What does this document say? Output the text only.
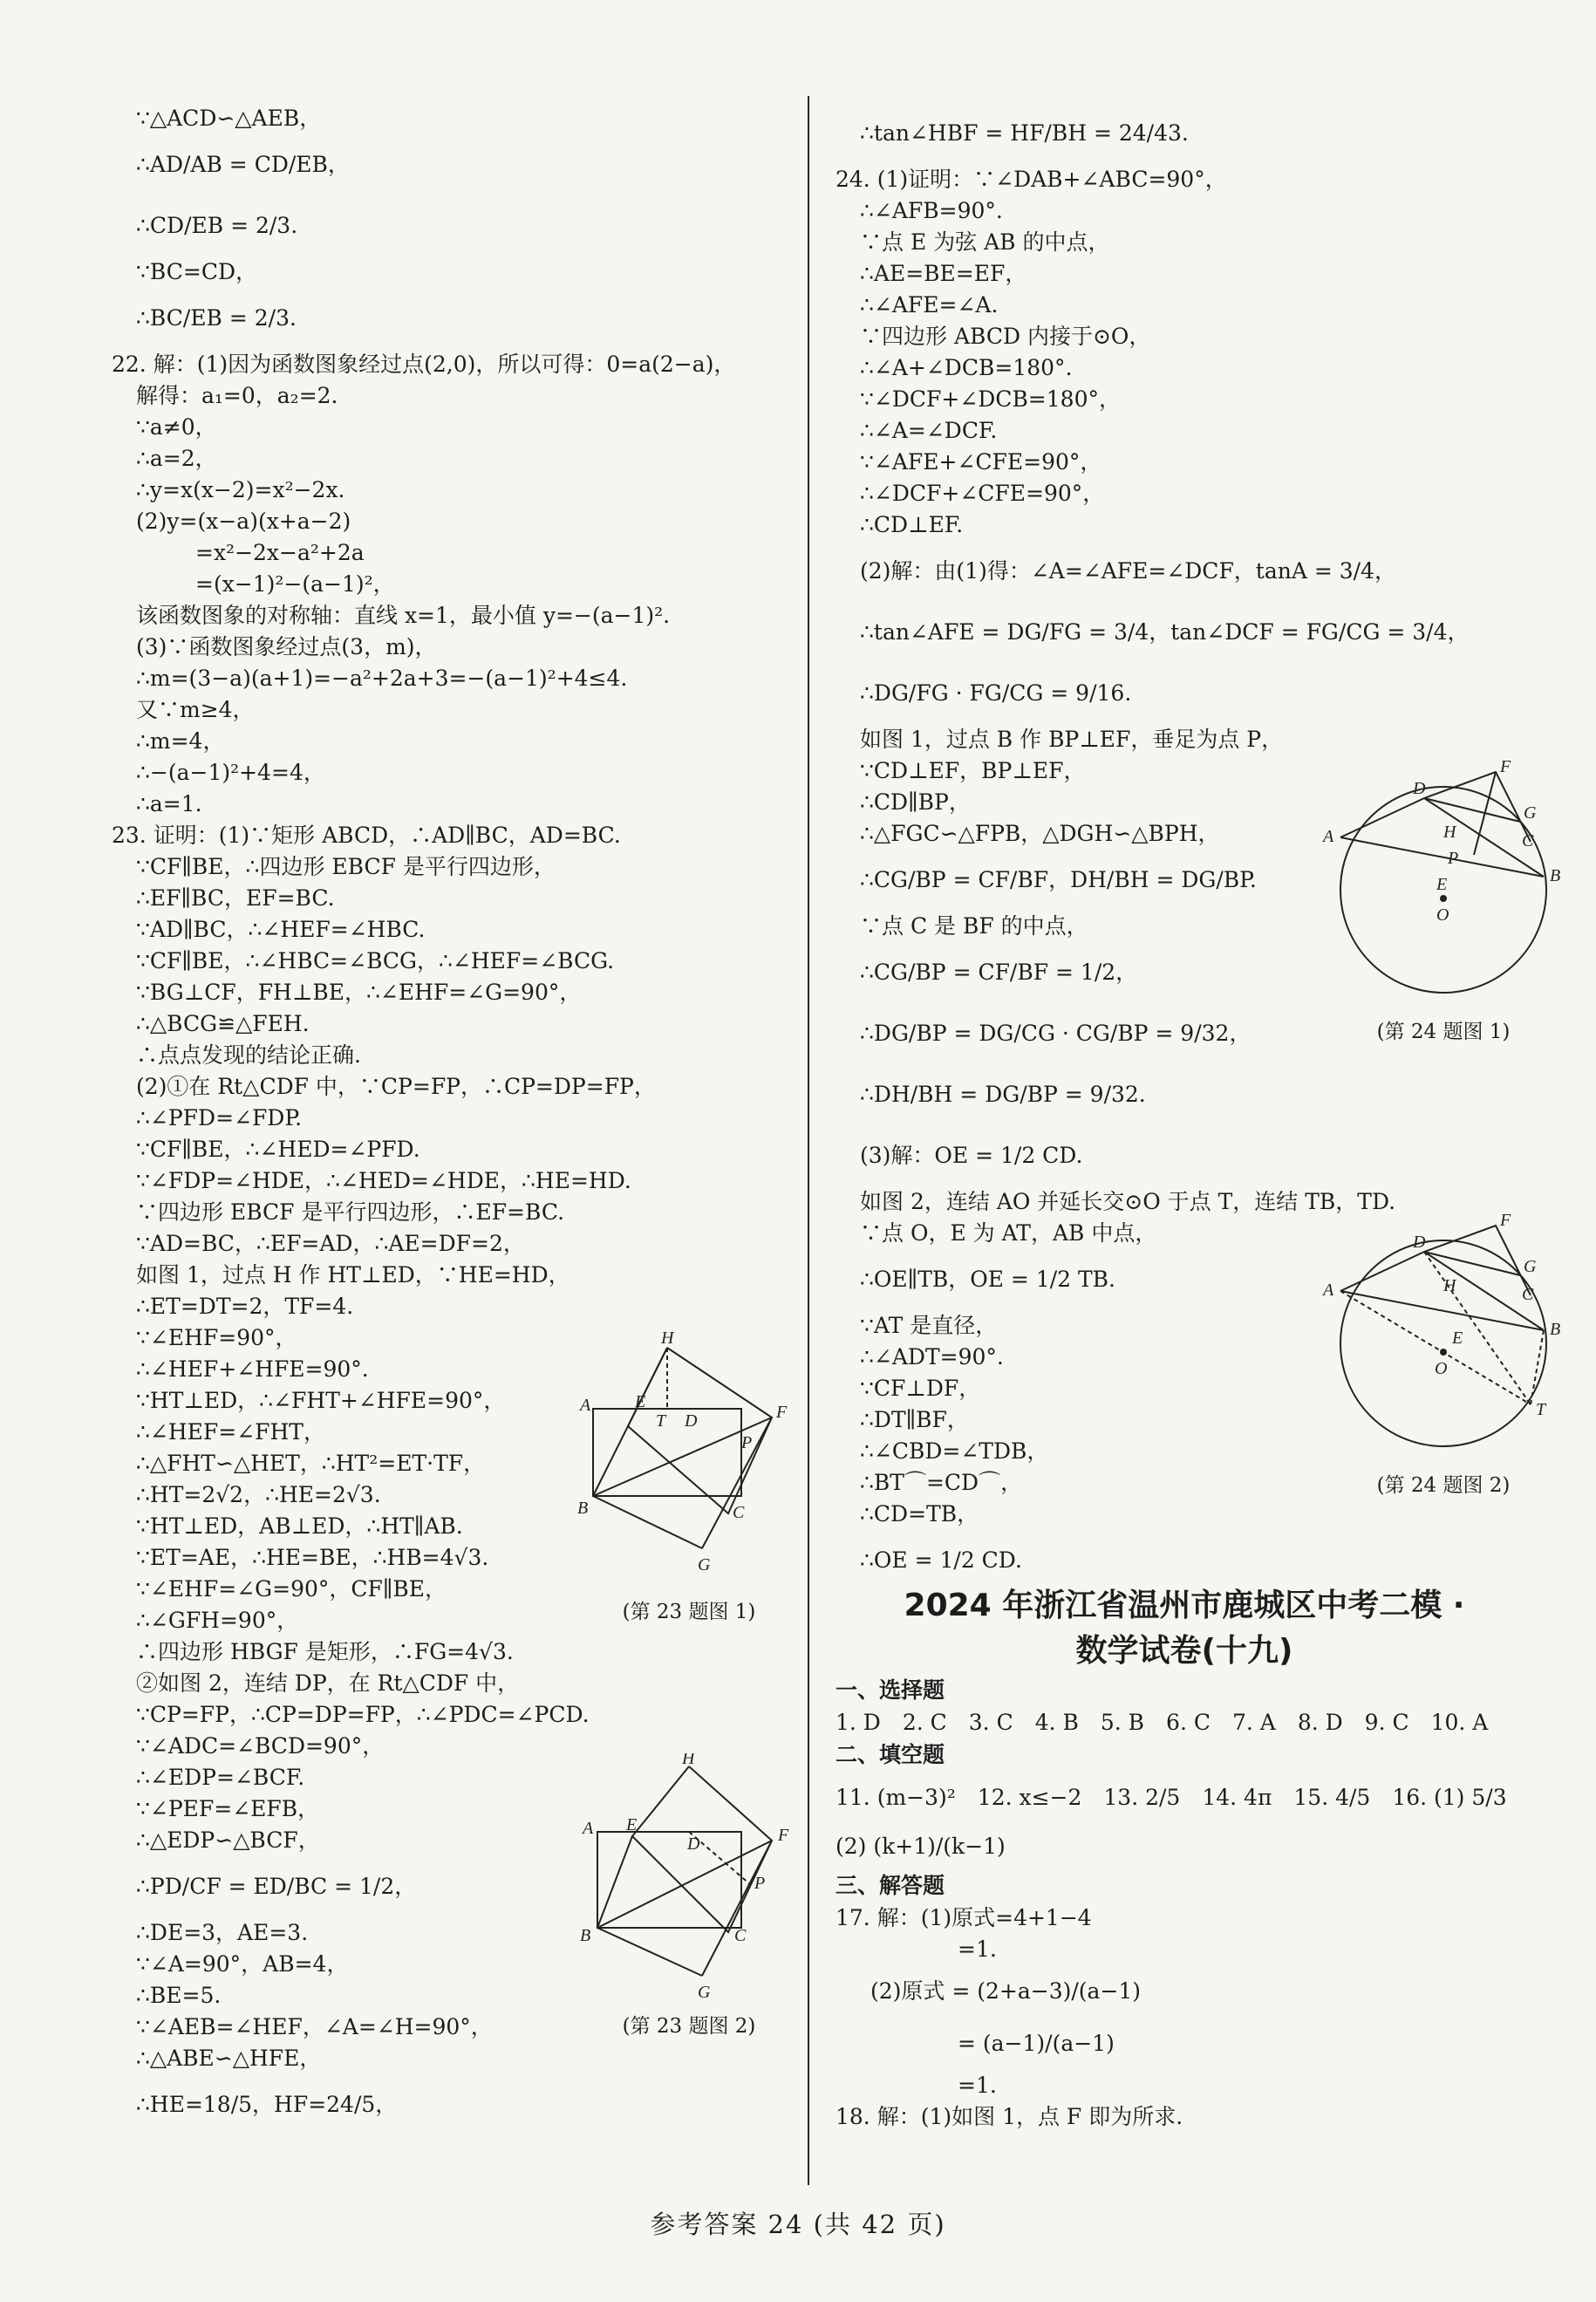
∵△ACD∽△AEB，
∴AD/AB = CD/EB，
∴CD/EB = 2/3.
∵BC=CD，
∴BC/EB = 2/3.
22. 解：(1)因为函数图象经过点(2,0)，所以可得：0=a(2−a)，
解得：a₁=0，a₂=2.
∵a≠0，
∴a=2，
∴y=x(x−2)=x²−2x.
(2)y=(x−a)(x+a−2)
=x²−2x−a²+2a
=(x−1)²−(a−1)²，
该函数图象的对称轴：直线 x=1，最小值 y=−(a−1)².
(3)∵函数图象经过点(3，m)，
∴m=(3−a)(a+1)=−a²+2a+3=−(a−1)²+4≤4.
又∵m≥4，
∴m=4，
∴−(a−1)²+4=4，
∴a=1.
23. 证明：(1)∵矩形 ABCD，∴AD∥BC，AD=BC.
∵CF∥BE，∴四边形 EBCF 是平行四边形，
∴EF∥BC，EF=BC.
∵AD∥BC，∴∠HEF=∠HBC.
∵CF∥BE，∴∠HBC=∠BCG，∴∠HEF=∠BCG.
∵BG⊥CF，FH⊥BE，∴∠EHF=∠G=90°，
∴△BCG≌△FEH.
∴点点发现的结论正确.
(2)①在 Rt△CDF 中，∵CP=FP，∴CP=DP=FP，
∴∠PFD=∠FDP.
∵CF∥BE，∴∠HED=∠PFD.
∵∠FDP=∠HDE，∴∠HED=∠HDE，∴HE=HD.
∵四边形 EBCF 是平行四边形，∴EF=BC.
∵AD=BC，∴EF=AD，∴AE=DF=2，
如图 1，过点 H 作 HT⊥ED，∵HE=HD，
∴ET=DT=2，TF=4.
∵∠EHF=90°，
∴∠HEF+∠HFE=90°.
∵HT⊥ED，∴∠FHT+∠HFE=90°，
∴∠HEF=∠FHT，
∴△FHT∽△HET，∴HT²=ET·TF，
∴HT=2√2，∴HE=2√3.
∵HT⊥ED，AB⊥ED，∴HT∥AB.
∵ET=AE，∴HE=BE，∴HB=4√3.
∵∠EHF=∠G=90°，CF∥BE，
∴∠GFH=90°，
∴四边形 HBGF 是矩形，∴FG=4√3.
②如图 2，连结 DP，在 Rt△CDF 中，
∵CP=FP，∴CP=DP=FP，∴∠PDC=∠PCD.
∵∠ADC=∠BCD=90°，
∴∠EDP=∠BCF.
∵∠PEF=∠EFB，
∴△EDP∽△BCF，
∴PD/CF = ED/BC = 1/2，
∴DE=3，AE=3.
∵∠A=90°，AB=4，
∴BE=5.
∵∠AEB=∠HEF，∠A=∠H=90°，
∴△ABE∽△HFE，
∴HE=18/5，HF=24/5，
∴tan∠HBF = HF/BH = 24/43.
24. (1)证明：∵∠DAB+∠ABC=90°，
∴∠AFB=90°.
∵点 E 为弦 AB 的中点，
∴AE=BE=EF，
∴∠AFE=∠A.
∵四边形 ABCD 内接于⊙O，
∴∠A+∠DCB=180°.
∵∠DCF+∠DCB=180°，
∴∠A=∠DCF.
∵∠AFE+∠CFE=90°，
∴∠DCF+∠CFE=90°，
∴CD⊥EF.
(2)解：由(1)得：∠A=∠AFE=∠DCF，tanA = 3/4，
∴tan∠AFE = DG/FG = 3/4，tan∠DCF = FG/CG = 3/4，
∴DG/FG · FG/CG = 9/16.
如图 1，过点 B 作 BP⊥EF，垂足为点 P，
∵CD⊥EF，BP⊥EF，
∴CD∥BP，
∴△FGC∽△FPB，△DGH∽△BPH，
∴CG/BP = CF/BF，DH/BH = DG/BP.
∵点 C 是 BF 的中点，
∴CG/BP = CF/BF = 1/2，
∴DG/BP = DG/CG · CG/BP = 9/32，
∴DH/BH = DG/BP = 9/32.
(3)解：OE = 1/2 CD.
如图 2，连结 AO 并延长交⊙O 于点 T，连结 TB，TD.
∵点 O，E 为 AT，AB 中点，
∴OE∥TB，OE = 1/2 TB.
∵AT 是直径，
∴∠ADT=90°.
∵CF⊥DF，
∴DT∥BF，
∴∠CBD=∠TDB，
∴BT⌒=CD⌒，
∴CD=TB，
∴OE = 1/2 CD.
H
A	E
T D	F
P
C
B
G
(第 23 题图 1)
H
A E
D	F
P
C
B
G
(第 23 题图 2)
D
F
G
C
H
P
A
B
E
O
(第 24 题图 1)
D
F
G
C
H
A
B
E
O
T
(第 24 题图 2)
2024 年浙江省温州市鹿城区中考二模 ·
数学试卷(十九)
一、选择题
1. D　2. C　3. C　4. B　5. B　6. C　7. A　8. D　9. C　10. A
二、填空题
11. (m−3)²　12. x≤−2　13. 2/5　14. 4π　15. 4/5　16. (1) 5/3
(2) (k+1)/(k−1)
三、解答题
17. 解：(1)原式=4+1−4
=1.
(2)原式 = (2+a−3)/(a−1)
= (a−1)/(a−1)
=1.
18. 解：(1)如图 1，点 F 即为所求.
参考答案 24 (共 42 页)
